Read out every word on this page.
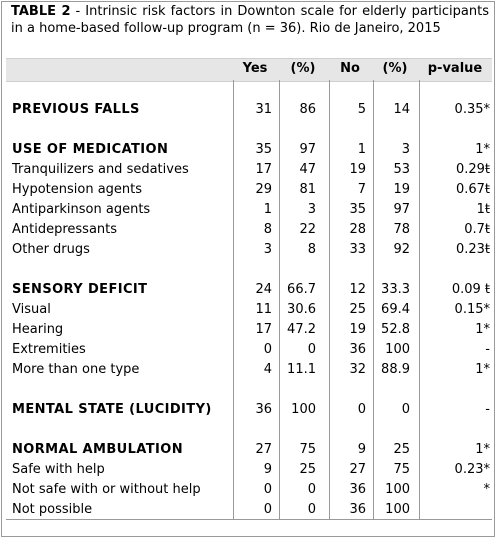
TABLE 2 - Intrinsic risk factors in Downton scale for elderly participants in a home-based follow-up program (n = 36). Rio de Janeiro, 2015
	Yes	(%)	No	(%)	p-value

PREVIOUS FALLS	31	86	5	14	0.35*

USE OF MEDICATION	35	97	1	3	1*
Tranquilizers and sedatives	17	47	19	53	0.29ŧ
Hypotension agents	29	81	7	19	0.67ŧ
Antiparkinson agents	1	3	35	97	1ŧ
Antidepressants	8	22	28	78	0.7ŧ
Other drugs	3	8	33	92	0.23ŧ

SENSORY DEFICIT	24	66.7	12	33.3	0.09 ŧ
Visual	11	30.6	25	69.4	0.15*
Hearing	17	47.2	19	52.8	1*
Extremities	0	0	36	100	-
More than one type	4	11.1	32	88.9	1*

MENTAL STATE (LUCIDITY)	36	100	0	0	-

NORMAL AMBULATION	27	75	9	25	1*
Safe with help	9	25	27	75	0.23*
Not safe with or without help	0	0	36	100	*
Not possible	0	0	36	100	
